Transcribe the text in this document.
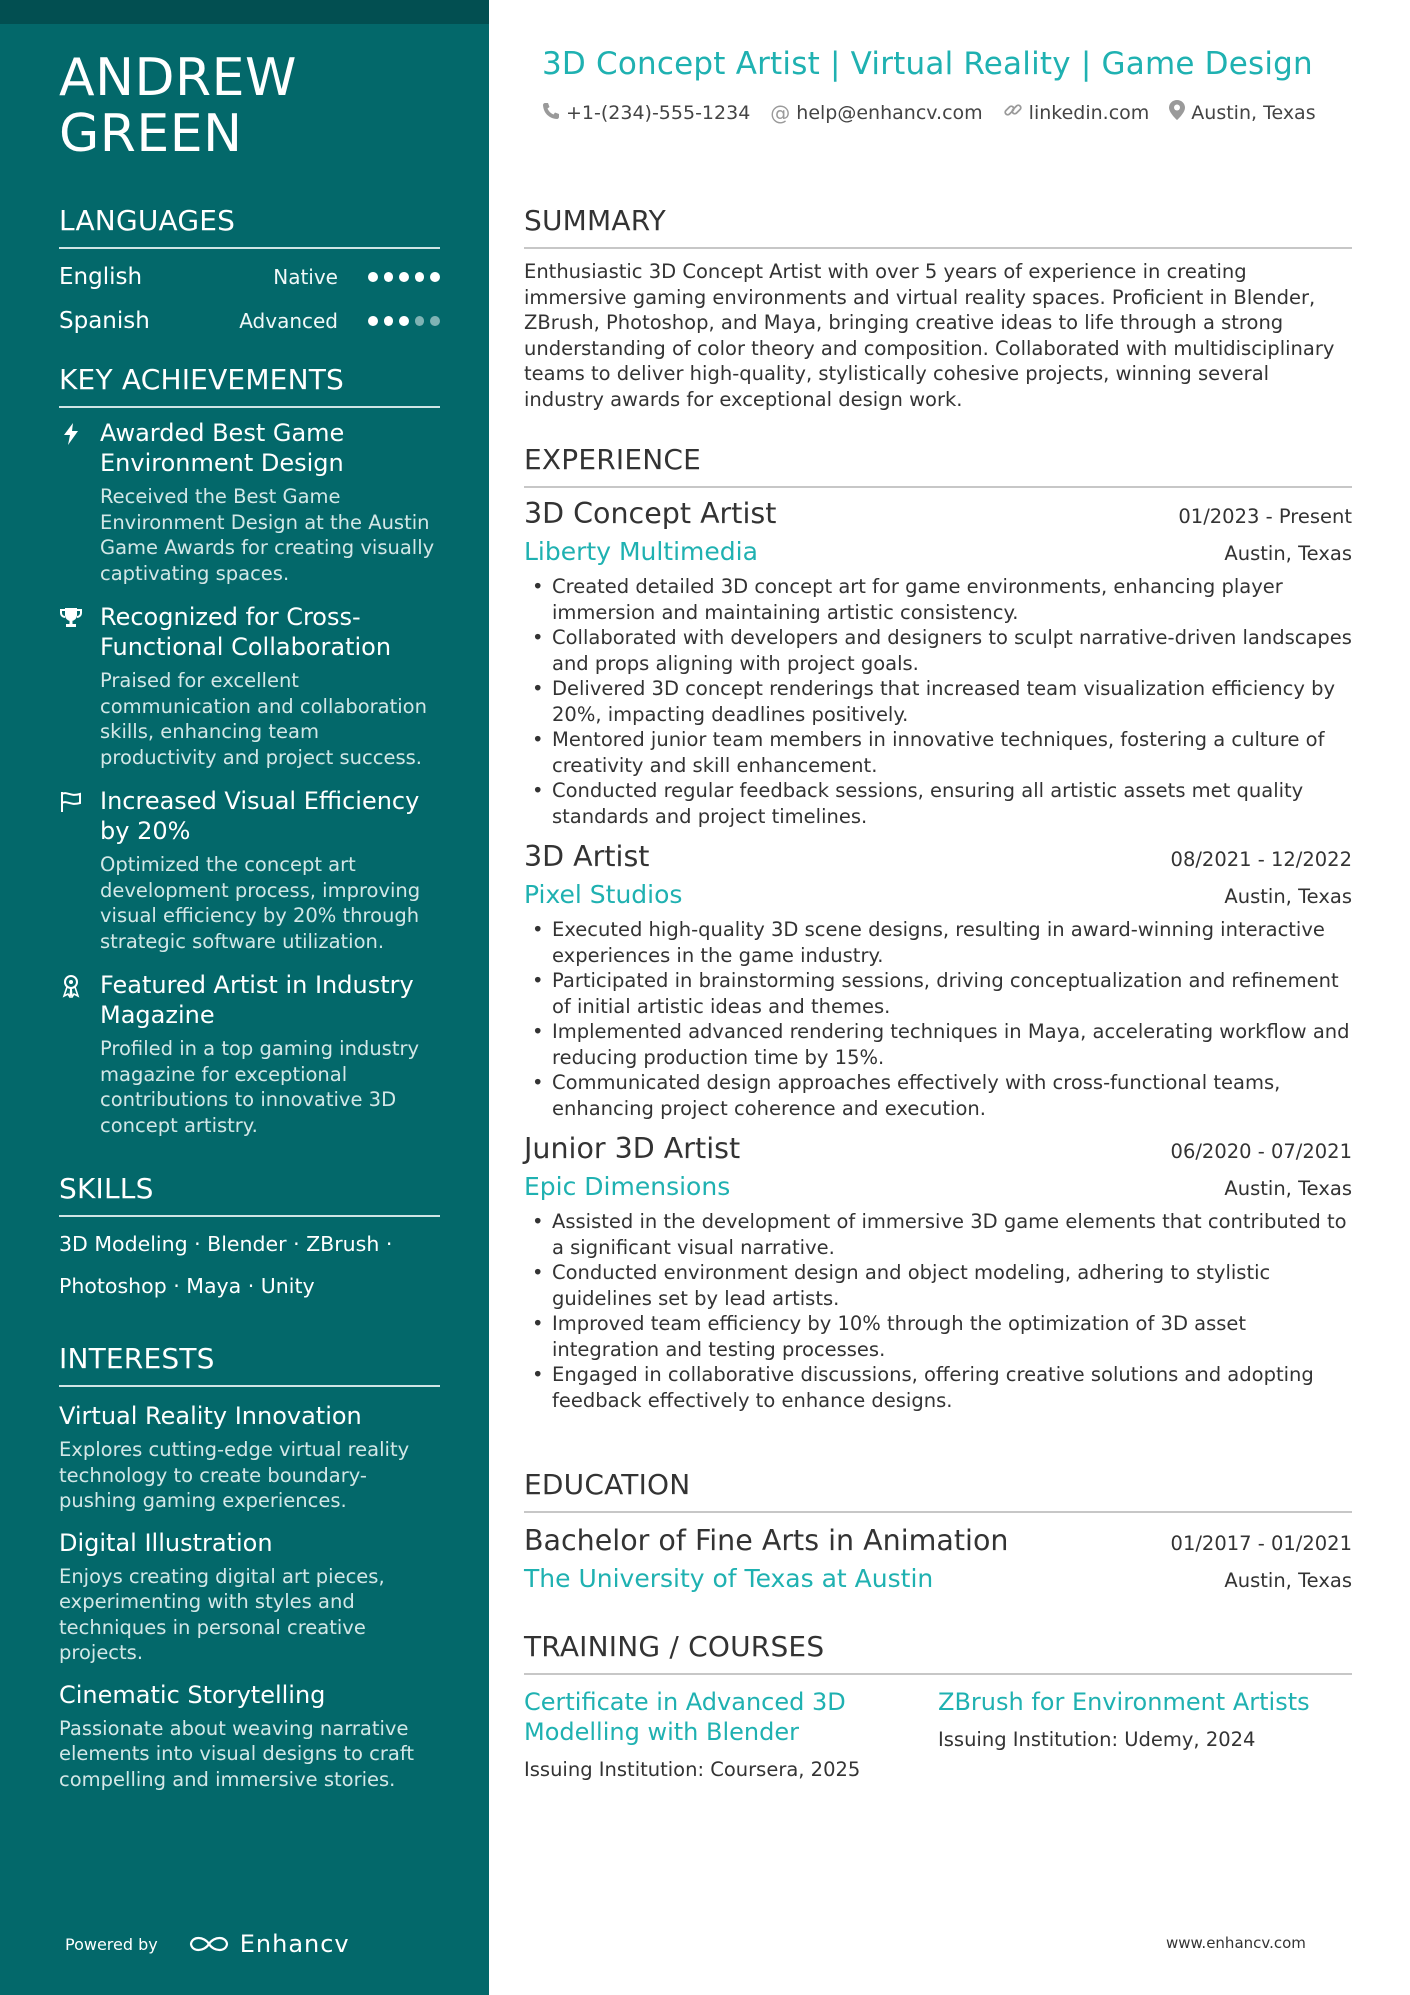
ANDREW
GREEN
LANGUAGES
English	Native
Spanish	Advanced
KEY ACHIEVEMENTS
Awarded Best Game Environment Design
Received the Best Game Environment Design at the Austin Game Awards for creating visually captivating spaces.
Recognized for Cross-Functional Collaboration
Praised for excellent communication and collaboration skills, enhancing team productivity and project success.
Increased Visual Efficiency by 20%
Optimized the concept art development process, improving visual efficiency by 20% through strategic software utilization.
Featured Artist in Industry Magazine
Profiled in a top gaming industry magazine for exceptional contributions to innovative 3D concept artistry.
SKILLS
3D Modeling · Blender · ZBrush ·
Photoshop · Maya · Unity
INTERESTS
Virtual Reality Innovation
Explores cutting-edge virtual reality technology to create boundary-pushing gaming experiences.
Digital Illustration
Enjoys creating digital art pieces, experimenting with styles and techniques in personal creative projects.
Cinematic Storytelling
Passionate about weaving narrative elements into visual designs to craft compelling and immersive stories.
Powered by	Enhancv
3D Concept Artist | Virtual Reality | Game Design
+1-(234)-555-1234 @ help@enhancv.com linkedin.com Austin, Texas
SUMMARY
Enthusiastic 3D Concept Artist with over 5 years of experience in creating immersive gaming environments and virtual reality spaces. Proficient in Blender, ZBrush, Photoshop, and Maya, bringing creative ideas to life through a strong understanding of color theory and composition. Collaborated with multidisciplinary teams to deliver high-quality, stylistically cohesive projects, winning several industry awards for exceptional design work.
EXPERIENCE
3D Concept Artist	01/2023 - Present
Liberty Multimedia	Austin, Texas
• Created detailed 3D concept art for game environments, enhancing player immersion and maintaining artistic consistency.
• Collaborated with developers and designers to sculpt narrative-driven landscapes and props aligning with project goals.
• Delivered 3D concept renderings that increased team visualization efficiency by 20%, impacting deadlines positively.
• Mentored junior team members in innovative techniques, fostering a culture of creativity and skill enhancement.
• Conducted regular feedback sessions, ensuring all artistic assets met quality standards and project timelines.
3D Artist	08/2021 - 12/2022
Pixel Studios	Austin, Texas
• Executed high-quality 3D scene designs, resulting in award-winning interactive experiences in the game industry.
• Participated in brainstorming sessions, driving conceptualization and refinement of initial artistic ideas and themes.
• Implemented advanced rendering techniques in Maya, accelerating workflow and reducing production time by 15%.
• Communicated design approaches effectively with cross-functional teams, enhancing project coherence and execution.
Junior 3D Artist	06/2020 - 07/2021
Epic Dimensions	Austin, Texas
• Assisted in the development of immersive 3D game elements that contributed to a significant visual narrative.
• Conducted environment design and object modeling, adhering to stylistic guidelines set by lead artists.
• Improved team efficiency by 10% through the optimization of 3D asset integration and testing processes.
• Engaged in collaborative discussions, offering creative solutions and adopting feedback effectively to enhance designs.
EDUCATION
Bachelor of Fine Arts in Animation	01/2017 - 01/2021
The University of Texas at Austin	Austin, Texas
TRAINING / COURSES
Certificate in Advanced 3D Modelling with Blender
Issuing Institution: Coursera, 2025
ZBrush for Environment Artists
Issuing Institution: Udemy, 2024
www.enhancv.com
